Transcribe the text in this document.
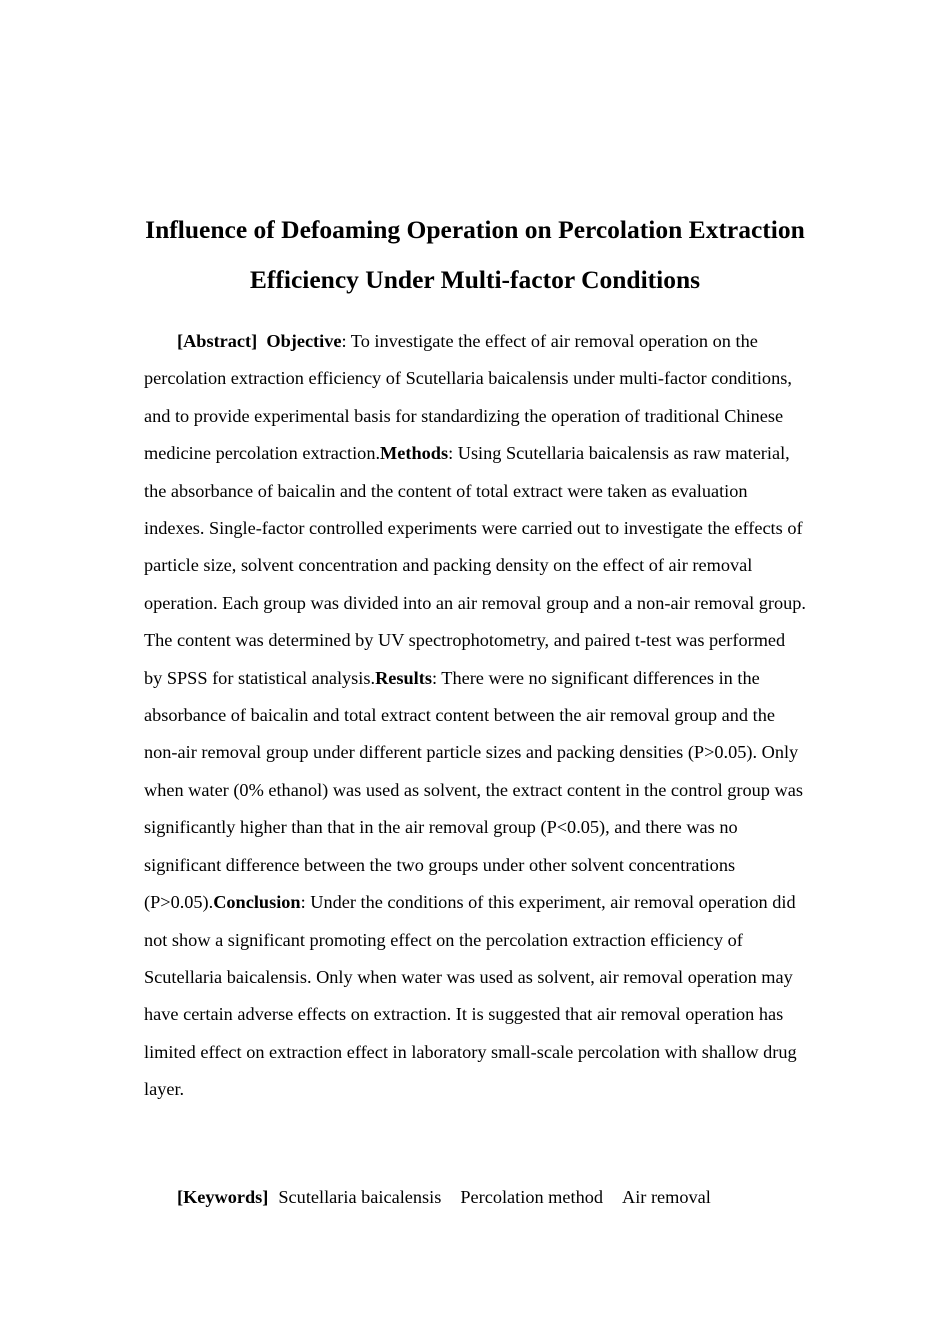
Influence of Defoaming Operation on Percolation Extraction
Efficiency Under Multi-factor Conditions

[Abstract] Objective: To investigate the effect of air removal operation on the percolation extraction efficiency of Scutellaria baicalensis under multi-factor conditions, and to provide experimental basis for standardizing the operation of traditional Chinese medicine percolation extraction.Methods: Using Scutellaria baicalensis as raw material, the absorbance of baicalin and the content of total extract were taken as evaluation indexes. Single-factor controlled experiments were carried out to investigate the effects of particle size, solvent concentration and packing density on the effect of air removal operation. Each group was divided into an air removal group and a non-air removal group. The content was determined by UV spectrophotometry, and paired t-test was performed by SPSS for statistical analysis.Results: There were no significant differences in the absorbance of baicalin and total extract content between the air removal group and the non-air removal group under different particle sizes and packing densities (P>0.05). Only when water (0% ethanol) was used as solvent, the extract content in the control group was significantly higher than that in the air removal group (P<0.05), and there was no significant difference between the two groups under other solvent concentrations (P>0.05).Conclusion: Under the conditions of this experiment, air removal operation did not show a significant promoting effect on the percolation extraction efficiency of Scutellaria baicalensis. Only when water was used as solvent, air removal operation may have certain adverse effects on extraction. It is suggested that air removal operation has limited effect on extraction effect in laboratory small-scale percolation with shallow drug layer.

[Keywords] Scutellaria baicalensis Percolation method Air removal
